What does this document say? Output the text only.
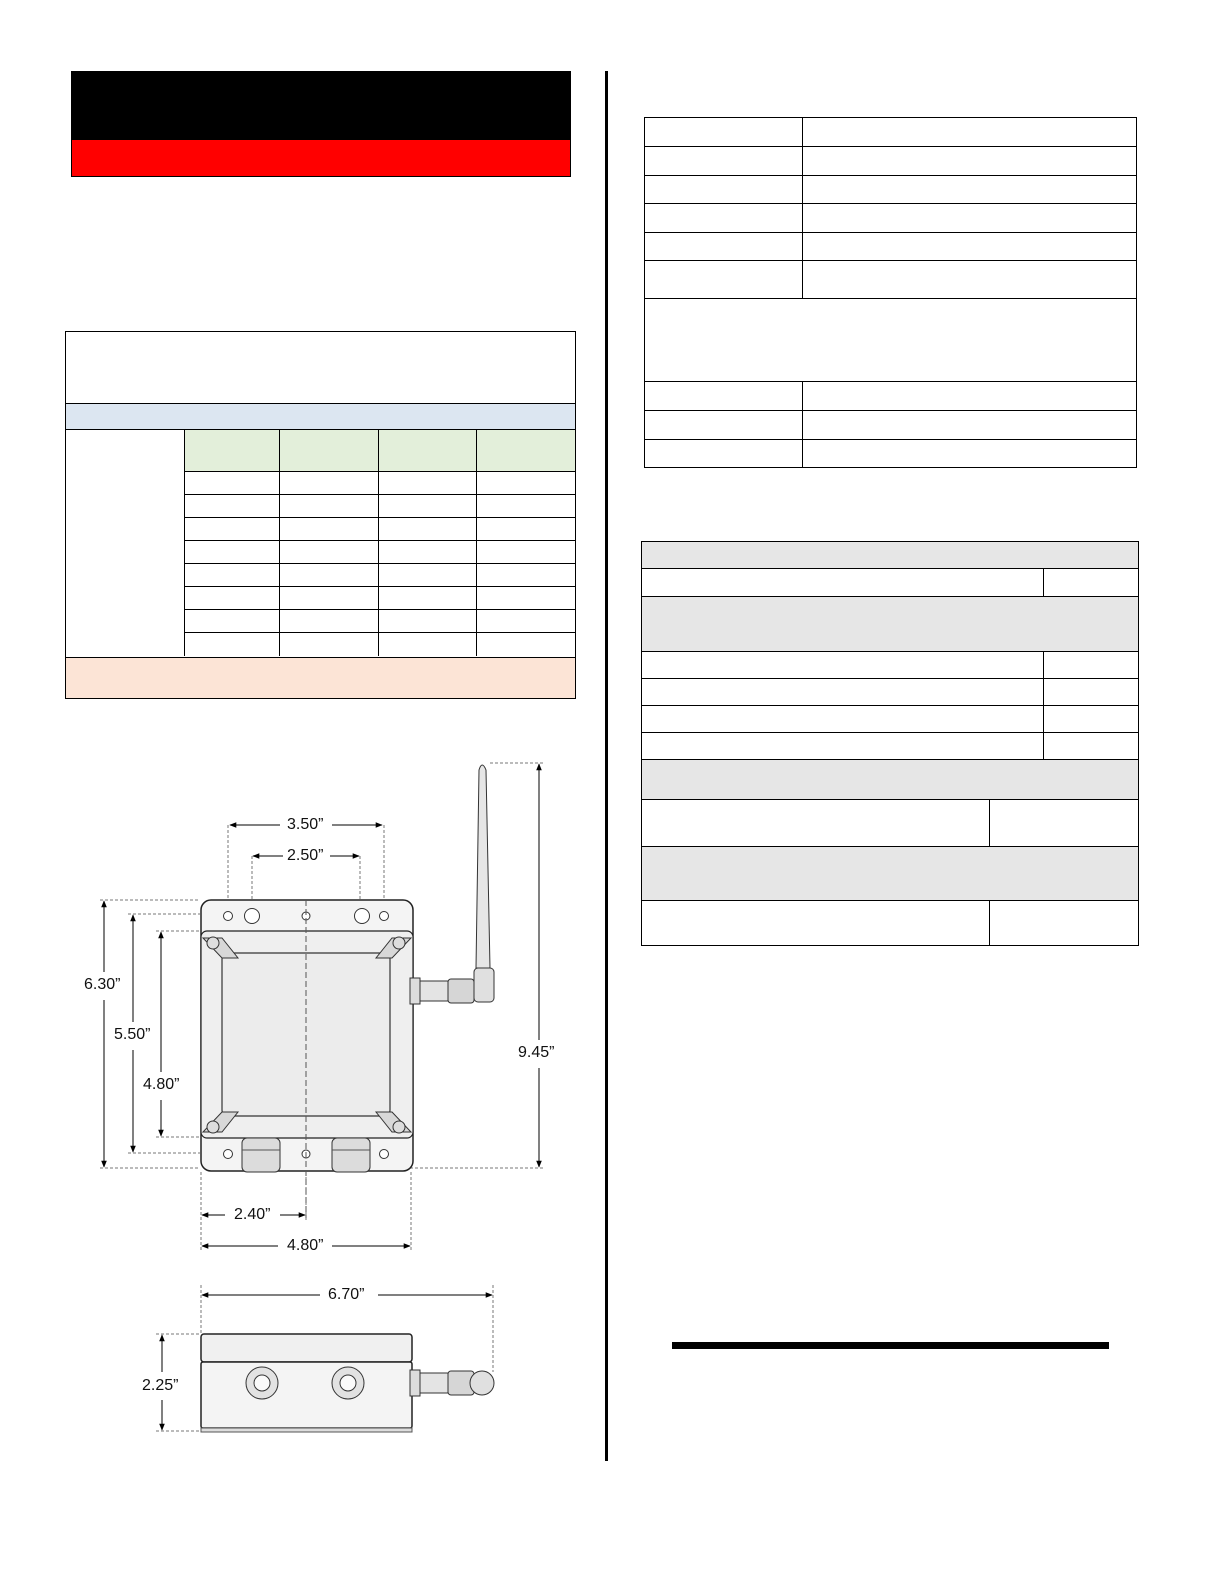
3.50”
2.50”
6.30”
5.50”
4.80”
9.45”
2.40”
4.80”
6.70”
2.25”
